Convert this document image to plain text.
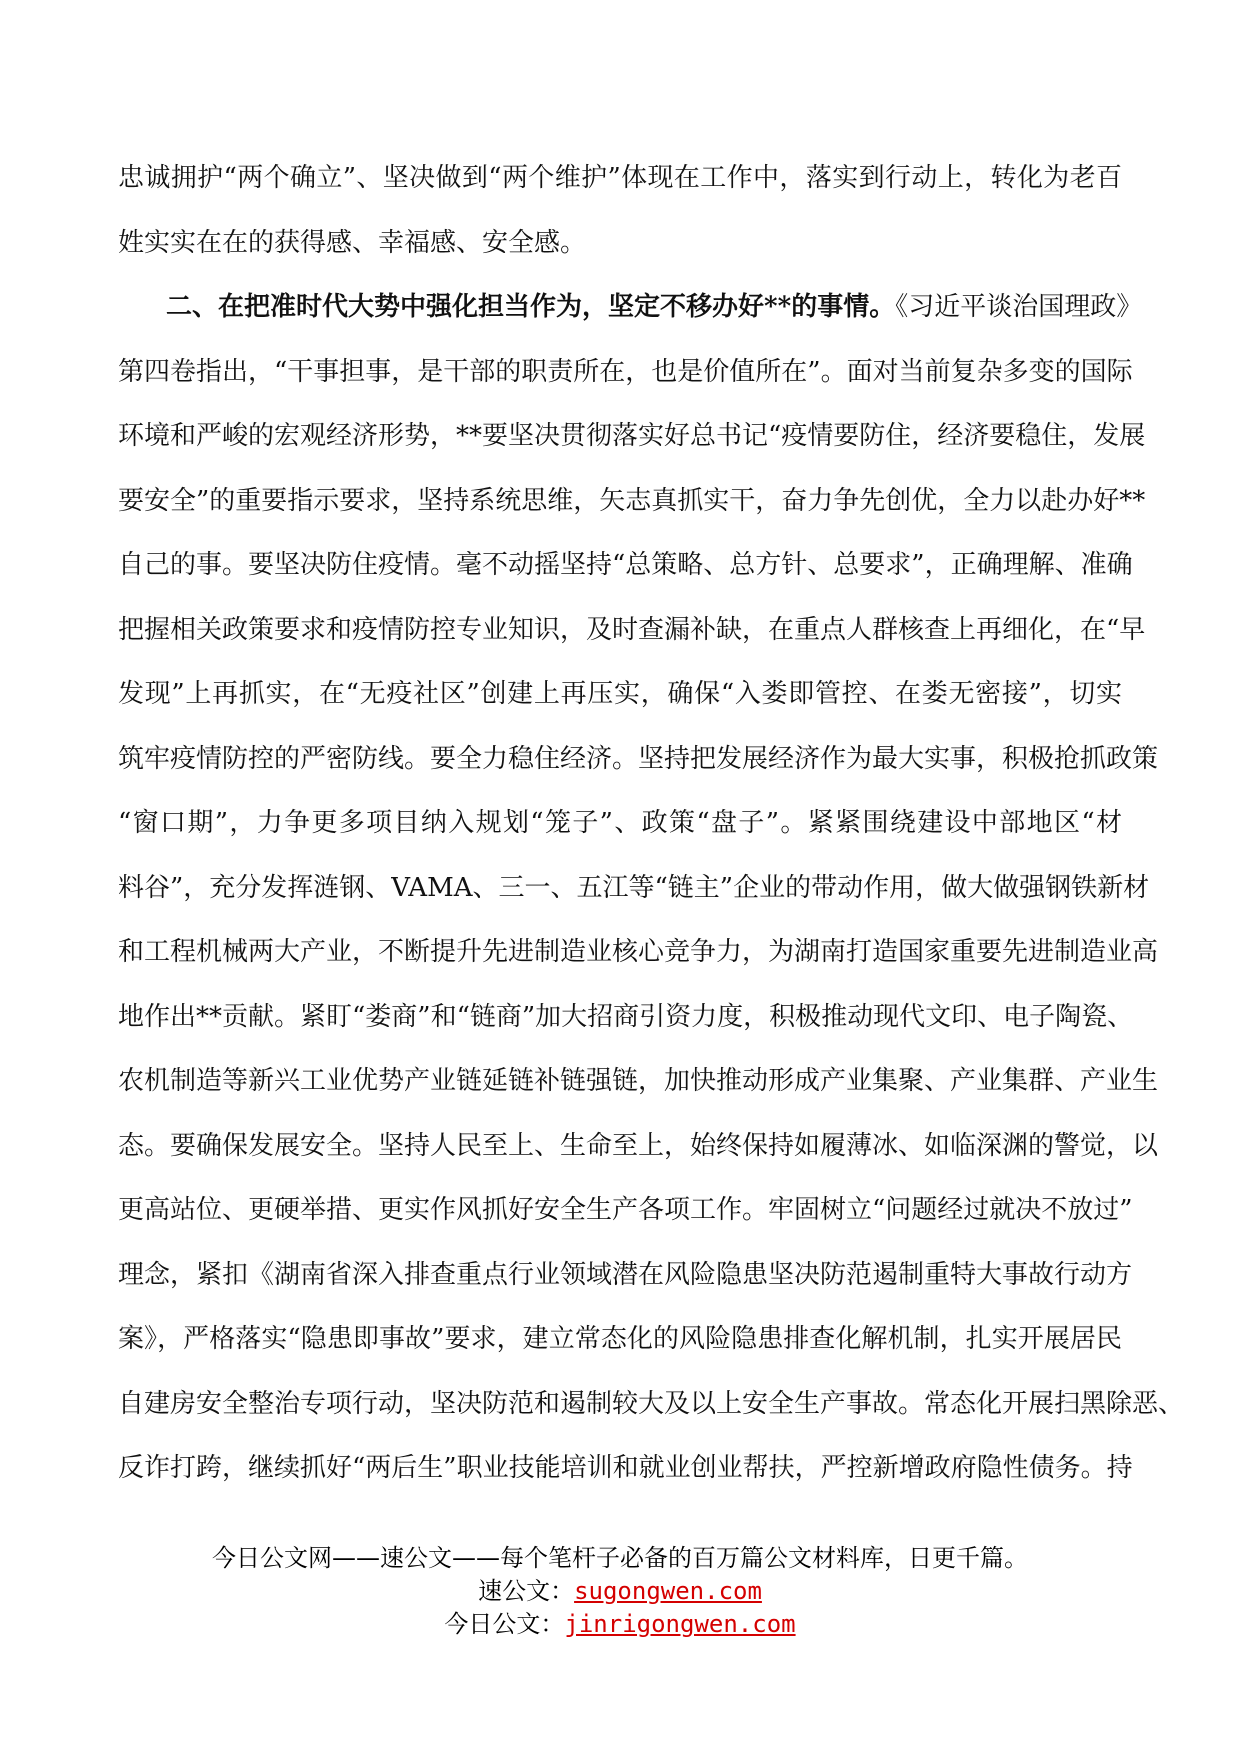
忠诚拥护“两个确立”、坚决做到“两个维护”体现在工作中，落实到行动上，转化为老百
姓实实在在的获得感、幸福感、安全感。
二、在把准时代大势中强化担当作为，坚定不移办好**的事情。《习近平谈治国理政》
第四卷指出，“干事担事，是干部的职责所在，也是价值所在”。面对当前复杂多变的国际
环境和严峻的宏观经济形势，**要坚决贯彻落实好总书记“疫情要防住，经济要稳住，发展
要安全”的重要指示要求，坚持系统思维，矢志真抓实干，奋力争先创优，全力以赴办好**
自己的事。要坚决防住疫情。毫不动摇坚持“总策略、总方针、总要求”，正确理解、准确
把握相关政策要求和疫情防控专业知识，及时查漏补缺，在重点人群核查上再细化，在“早
发现”上再抓实，在“无疫社区”创建上再压实，确保“入娄即管控、在娄无密接”，切实
筑牢疫情防控的严密防线。要全力稳住经济。坚持把发展经济作为最大实事，积极抢抓政策
“窗口期”，力争更多项目纳入规划“笼子”、政策“盘子”。紧紧围绕建设中部地区“材
料谷”，充分发挥涟钢、VAMA、三一、五江等“链主”企业的带动作用，做大做强钢铁新材
和工程机械两大产业，不断提升先进制造业核心竞争力，为湖南打造国家重要先进制造业高
地作出**贡献。紧盯“娄商”和“链商”加大招商引资力度，积极推动现代文印、电子陶瓷、
农机制造等新兴工业优势产业链延链补链强链，加快推动形成产业集聚、产业集群、产业生
态。要确保发展安全。坚持人民至上、生命至上，始终保持如履薄冰、如临深渊的警觉，以
更高站位、更硬举措、更实作风抓好安全生产各项工作。牢固树立“问题经过就决不放过”
理念，紧扣《湖南省深入排查重点行业领域潜在风险隐患坚决防范遏制重特大事故行动方
案》，严格落实“隐患即事故”要求，建立常态化的风险隐患排查化解机制，扎实开展居民
自建房安全整治专项行动，坚决防范和遏制较大及以上安全生产事故。常态化开展扫黑除恶、
反诈打跨，继续抓好“两后生”职业技能培训和就业创业帮扶，严控新增政府隐性债务。持
今日公文网——速公文——每个笔杆子必备的百万篇公文材料库，日更千篇。
速公文：sugongwen.com
今日公文：jinrigongwen.com
